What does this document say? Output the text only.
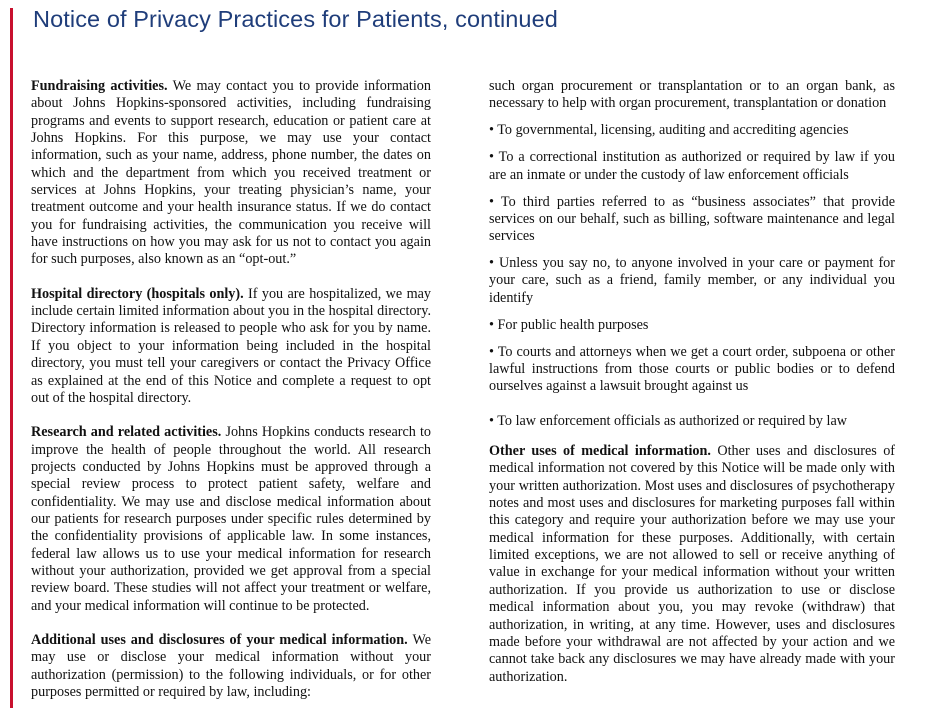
Notice of Privacy Practices for Patients, continued

Fundraising activities. We may contact you to provide information about Johns Hopkins-sponsored activities, including fundraising programs and events to support research, education or patient care at Johns Hopkins. For this purpose, we may use your contact information, such as your name, address, phone number, the dates on which and the department from which you received treatment or services at Johns Hopkins, your treating physician’s name, your treatment outcome and your health insurance status. If we do contact you for fundraising activities, the communication you receive will have instructions on how you may ask for us not to contact you again for such purposes, also known as an “opt-out.”

Hospital directory (hospitals only). If you are hospitalized, we may include certain limited information about you in the hospital directory. Directory information is released to people who ask for you by name. If you object to your information being included in the hospital directory, you must tell your caregivers or contact the Privacy Office as explained at the end of this Notice and complete a request to opt out of the hospital directory.

Research and related activities. Johns Hopkins conducts research to improve the health of people throughout the world. All research projects conducted by Johns Hopkins must be approved through a special review process to protect patient safety, welfare and confidentiality. We may use and disclose medical information about our patients for research purposes under specific rules determined by the confidentiality provisions of applicable law. In some instances, federal law allows us to use your medical information for research without your authorization, provided we get approval from a special review board. These studies will not affect your treatment or welfare, and your medical information will continue to be protected.

Additional uses and disclosures of your medical information. We may use or disclose your medical information without your authorization (permission) to the following individuals, or for other purposes permitted or required by law, including:

such organ procurement or transplantation or to an organ bank, as necessary to help with organ procurement, transplantation or donation

• To governmental, licensing, auditing and accrediting agencies

• To a correctional institution as authorized or required by law if you are an inmate or under the custody of law enforcement officials

• To third parties referred to as “business associates” that provide services on our behalf, such as billing, software maintenance and legal services

• Unless you say no, to anyone involved in your care or payment for your care, such as a friend, family member, or any individual you identify

• For public health purposes

• To courts and attorneys when we get a court order, subpoena or other lawful instructions from those courts or public bodies or to defend ourselves against a lawsuit brought against us

• To law enforcement officials as authorized or required by law

Other uses of medical information. Other uses and disclosures of medical information not covered by this Notice will be made only with your written authorization. Most uses and disclosures of psychotherapy notes and most uses and disclosures for marketing purposes fall within this category and require your authorization before we may use your medical information for these purposes. Additionally, with certain limited exceptions, we are not allowed to sell or receive anything of value in exchange for your medical information without your written authorization. If you provide us authorization to use or disclose medical information about you, you may revoke (withdraw) that authorization, in writing, at any time. However, uses and disclosures made before your withdrawal are not affected by your action and we cannot take back any disclosures we may have already made with your authorization.
